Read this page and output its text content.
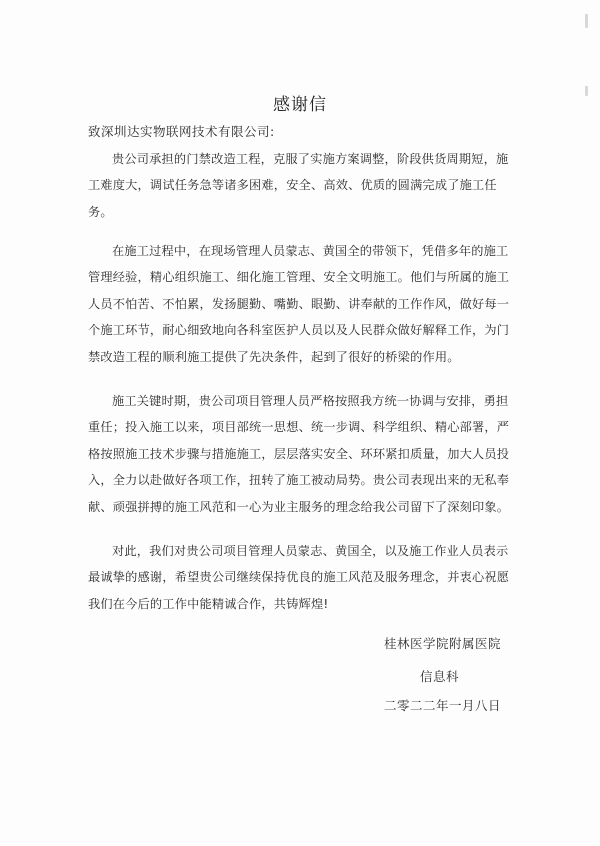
感谢信
致深圳达实物联网技术有限公司:

贵公司承担的门禁改造工程，克服了实施方案调整，阶段供货周期短，施
工难度大，调试任务急等诸多困难，安全、高效、优质的圆满完成了施工任
务。

在施工过程中，在现场管理人员蒙志、黄国全的带领下，凭借多年的施工
管理经验，精心组织施工、细化施工管理、安全文明施工。他们与所属的施工
人员不怕苦、不怕累，发扬腿勤、嘴勤、眼勤、讲奉献的工作作风，做好每一
个施工环节，耐心细致地向各科室医护人员以及人民群众做好解释工作，为门
禁改造工程的顺利施工提供了先决条件，起到了很好的桥梁的作用。

施工关键时期，贵公司项目管理人员严格按照我方统一协调与安排，勇担
重任；投入施工以来，项目部统一思想、统一步调、科学组织、精心部署，严
格按照施工技术步骤与措施施工，层层落实安全、环环紧扣质量，加大人员投
入，全力以赴做好各项工作，扭转了施工被动局势。贵公司表现出来的无私奉
献、顽强拼搏的施工风范和一心为业主服务的理念给我公司留下了深刻印象。

对此，我们对贵公司项目管理人员蒙志、黄国全，以及施工作业人员表示
最诚挚的感谢，希望贵公司继续保持优良的施工风范及服务理念，并衷心祝愿
我们在今后的工作中能精诚合作，共铸辉煌!

桂林医学院附属医院
信息科
二零二二年一月八日
